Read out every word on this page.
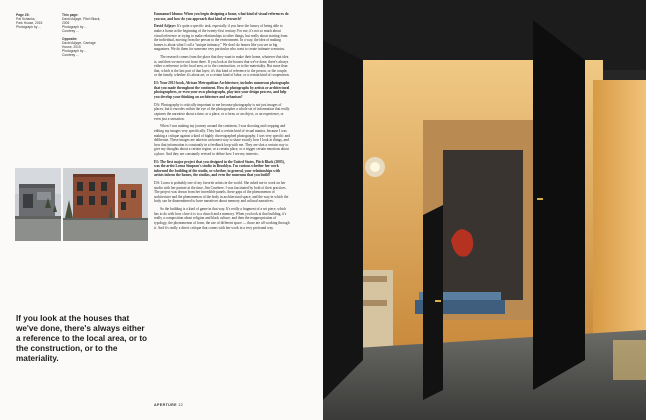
Page 25:
Pat Schanks,
Park House, 2015
Photograph by ...
This page:
David Adjaye, Pitch Black,
2005
Photograph by ...
Courtesy ...
Opposite:
David Adjaye, Carriage
House, 2015
Photograph by ...
Courtesy ...
If you look at the houses that we've done, there's always either a reference to the local area, or to the construction, or to the materiality.

Emmanuel Iduma: When you begin designing a home, what kind of visual references do you use, and how do you approach that kind of research?

David Adjaye: It's quite a specific task, especially if you have the luxury of being able to make a home at the beginning of the twenty-first century. For me, it's not so much about visual reference or trying to make relationships to other things, but really about starting from the individual, moving from the person to the environment. In a way, the idea of making homes is about what I call a "unique intimacy." We don't do homes like you see in big magazines. We do them for someone very particular who want to create intimate scenarios.

The research comes from the place that they want to make their home, whatever that idea is, and then we move out from there. If you look at the houses that we've done, there's always either a reference to the local area, or to the construction, or to the materiality. But more than that, which is the last part of that layer, it's this kind of reference to the person, or the couple, or the family, whether it's about art, or a certain kind of labor, or a certain kind of cooperation.

EI: Your 2015 book, African Metropolitan Architecture, includes numerous photographs that you made throughout the continent. How do photographs by artists or architectural photographers, or even your own photographs, play into your design process, and help you develop your thinking on architecture and urbanism?

DA: Photography is critically important to me because photography is not just images of places, but it encodes within the eye of the photographer a whole set of information that really captures the narrative about a time, or a place, or a form, or an object, or an experience, or even just a sensation.

When I was making my journey around the continent, I was shooting and cropping and editing my images very specifically. They had a certain kind of visual mantra, because I was making a critique against a kind of highly choreographed photography. I was very specific and deliberate. These images are taken in an honest way to share exactly how I look at things, and how that information is constantly in a feedback loop with me. They are shot a certain way to give my thoughts about a certain region, or a certain place, or a trigger certain emotions about a place. And they are constantly revised to define how I see my interests.

EI: The first major project that you designed in the United States, Pitch Black (2005), was the artist Lorna Simpson's studio in Brooklyn. I'm curious whether her work informed the building of the studio, or whether, in general, your relationships with artists inform the homes, the studios, and even the museums that you build?

DA: Lorna is probably one of my favorite artists in the world. She asked me to work on her studio with her partner at the time, Jim Casebere. I was fascinated by both of their practices. The project was drawn from her incredible panels, these gaps of the phenomenon of architecture and the phenomenon of the body in architectural space, and the way in which the body can be dismembered to have narratives about memory and cultural narratives.

So the building is a kind of game in that way. It's really a fragment of a set piece, which has to do with how close it is to a church and a memory. When you look at that building, it's really a composition about religion and black culture, and then the reappropriation of typology, the phenomenon of form, the use of different space — those are all working through it. And it's really a direct critique that comes with her work in a very profound way.

APERTURE 32
